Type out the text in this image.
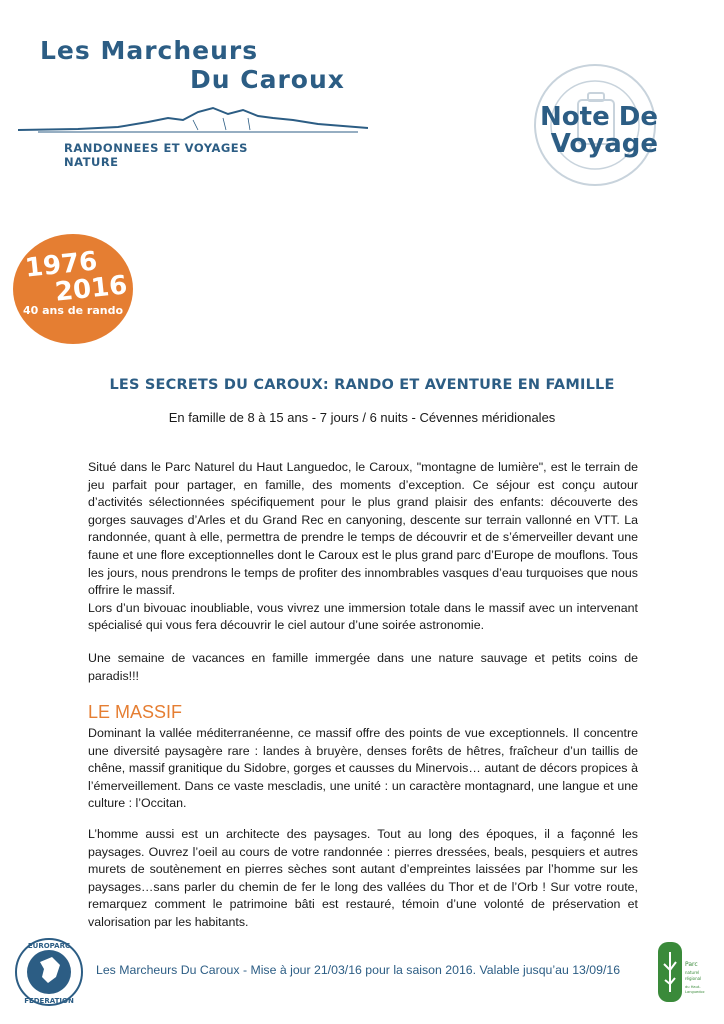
Les Marcheurs
Du Caroux
RANDONNEES ET VOYAGES NATURE
Note De
Voyage
1976
2016
40 ans de rando
LES SECRETS DU CAROUX: RANDO ET AVENTURE EN FAMILLE
En famille de 8 à 15 ans - 7 jours / 6 nuits - Cévennes méridionales

Situé dans le Parc Naturel du Haut Languedoc, le Caroux, "montagne de lumière", est le terrain de jeu parfait pour partager, en famille, des moments d’exception. Ce séjour est conçu autour d’activités sélectionnées spécifiquement pour le plus grand plaisir des enfants: découverte des gorges sauvages d’Arles et du Grand Rec en canyoning, descente sur terrain vallonné en VTT. La randonnée, quant à elle, permettra de prendre le temps de découvrir et de s’émerveiller devant une faune et une flore exceptionnelles dont le Caroux est le plus grand parc d’Europe de mouflons. Tous les jours, nous prendrons le temps de profiter des innombrables vasques d’eau turquoises que nous offrire le massif.

Lors d’un bivouac inoubliable, vous vivrez une immersion totale dans le massif avec un intervenant spécialisé qui vous fera découvrir le ciel autour d’une soirée astronomie.

Une semaine de vacances en famille immergée dans une nature sauvage et petits coins de paradis!!!
LE MASSIF
Dominant la vallée méditerranéenne, ce massif offre des points de vue exceptionnels. Il concentre une diversité paysagère rare : landes à bruyère, denses forêts de hêtres, fraîcheur d’un taillis de chêne, massif granitique du Sidobre, gorges et causses du Minervois… autant de décors propices à l’émerveillement. Dans ce vaste mescladis, une unité : un caractère montagnard, une langue et une culture : l’Occitan.
L’homme aussi est un architecte des paysages. Tout au long des époques, il a façonné les paysages. Ouvrez l’oeil au cours de votre randonnée : pierres dressées, beals, pesquiers et autres murets de soutènement en pierres sèches sont autant d’empreintes laissées par l’homme sur les paysages…sans parler du chemin de fer le long des vallées du Thor et de l’Orb ! Sur votre route, remarquez comment le patrimoine bâti est restauré, témoin d’une volonté de préservation et valorisation par les habitants.
EUROPARC
FEDERATION
Les Marcheurs Du Caroux - Mise à jour 21/03/16 pour la saison 2016. Valable jusqu’au 13/09/16	Parc
naturel
régional
du Haut-
Languedoc
